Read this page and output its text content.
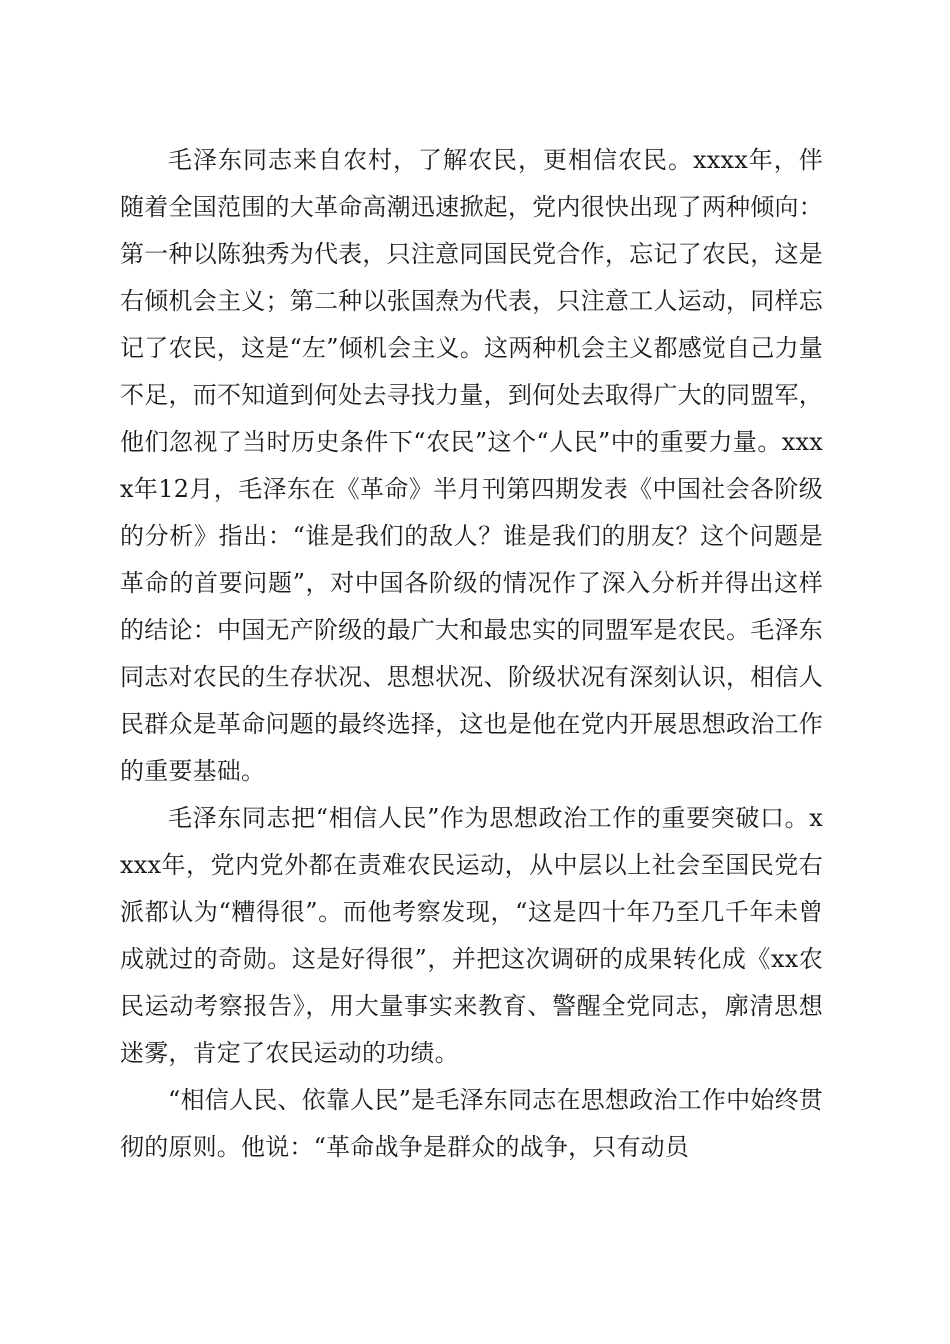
毛泽东同志来自农村，了解农民，更相信农民。xxxx年，伴随着全国范围的大革命高潮迅速掀起，党内很快出现了两种倾向：第一种以陈独秀为代表，只注意同国民党合作，忘记了农民，这是右倾机会主义；第二种以张国焘为代表，只注意工人运动，同样忘记了农民，这是“左”倾机会主义。这两种机会主义都感觉自己力量不足，而不知道到何处去寻找力量，到何处去取得广大的同盟军，他们忽视了当时历史条件下“农民”这个“人民”中的重要力量。xxxx年12月，毛泽东在《革命》半月刊第四期发表《中国社会各阶级的分析》指出：“谁是我们的敌人？谁是我们的朋友？这个问题是革命的首要问题”，对中国各阶级的情况作了深入分析并得出这样的结论：中国无产阶级的最广大和最忠实的同盟军是农民。毛泽东同志对农民的生存状况、思想状况、阶级状况有深刻认识，相信人民群众是革命问题的最终选择，这也是他在党内开展思想政治工作的重要基础。

毛泽东同志把“相信人民”作为思想政治工作的重要突破口。xxxx年，党内党外都在责难农民运动，从中层以上社会至国民党右派都认为“糟得很”。而他考察发现，“这是四十年乃至几千年未曾成就过的奇勋。这是好得很”，并把这次调研的成果转化成《xx农民运动考察报告》，用大量事实来教育、警醒全党同志，廓清思想迷雾，肯定了农民运动的功绩。

“相信人民、依靠人民”是毛泽东同志在思想政治工作中始终贯彻的原则。他说：“革命战争是群众的战争，只有动员
